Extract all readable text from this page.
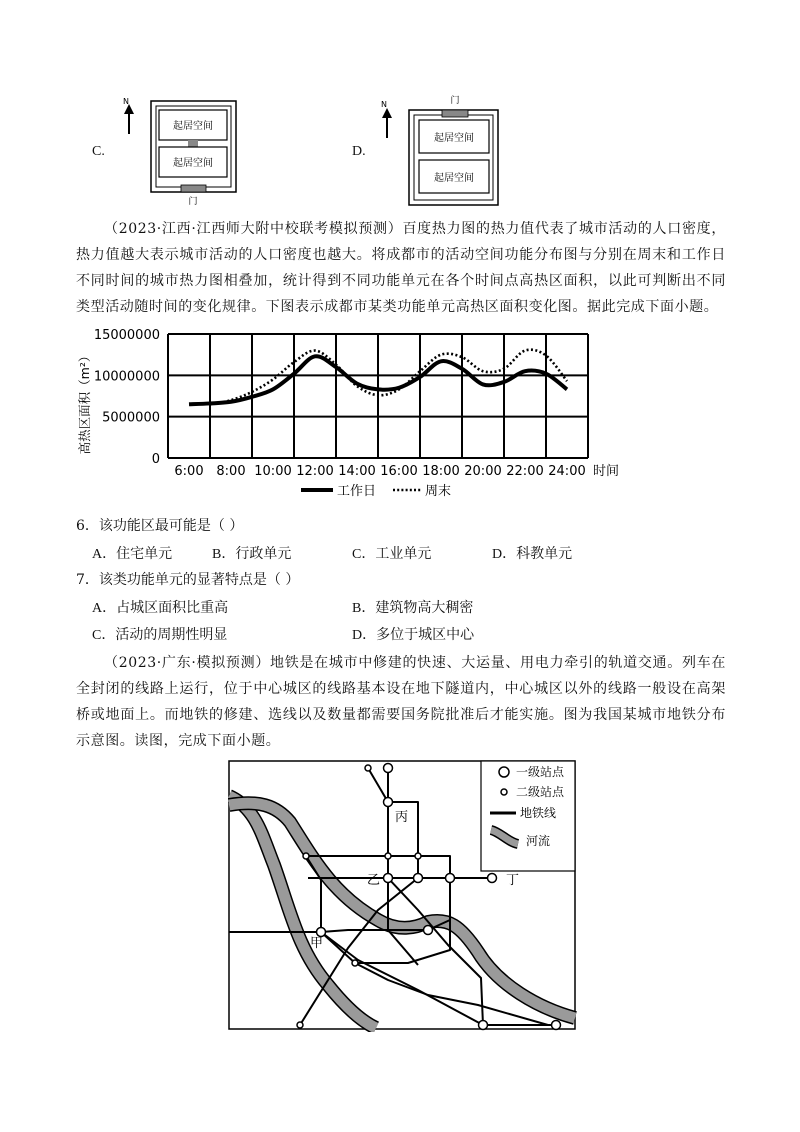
C.
N
起居空间
起居空间
门
D.
N	门
起居空间
起居空间
（2023·江西·江西师大附中校联考模拟预测）百度热力图的热力值代表了城市活动的人口密度，热力值越大表示城市活动的人口密度也越大。将成都市的活动空间功能分布图与分别在周末和工作日不同时间的城市热力图相叠加，统计得到不同功能单元在各个时间点高热区面积，以此可判断出不同类型活动随时间的变化规律。下图表示成都市某类功能单元高热区面积变化图。据此完成下面小题。
15000000
10000000
5000000
0
6:00 8:00 10:00 12:00 14:00 16:00 18:00 20:00 22:00 24:00
高热区面积（m²）
时间
工作日	周末
6．该功能区最可能是（ ）
A．住宅单元	B．行政单元	C．工业单元	D．科教单元
7．该类功能单元的显著特点是（ ）
A．占城区面积比重高	B．建筑物高大稠密
C．活动的周期性明显	D．多位于城区中心
（2023·广东·模拟预测）地铁是在城市中修建的快速、大运量、用电力牵引的轨道交通。列车在全封闭的线路上运行，位于中心城区的线路基本设在地下隧道内，中心城区以外的线路一般设在高架桥或地面上。而地铁的修建、选线以及数量都需要国务院批准后才能实施。图为我国某城市地铁分布示意图。读图，完成下面小题。
丙
乙	丁
甲
一级站点
二级站点
地铁线
河流
